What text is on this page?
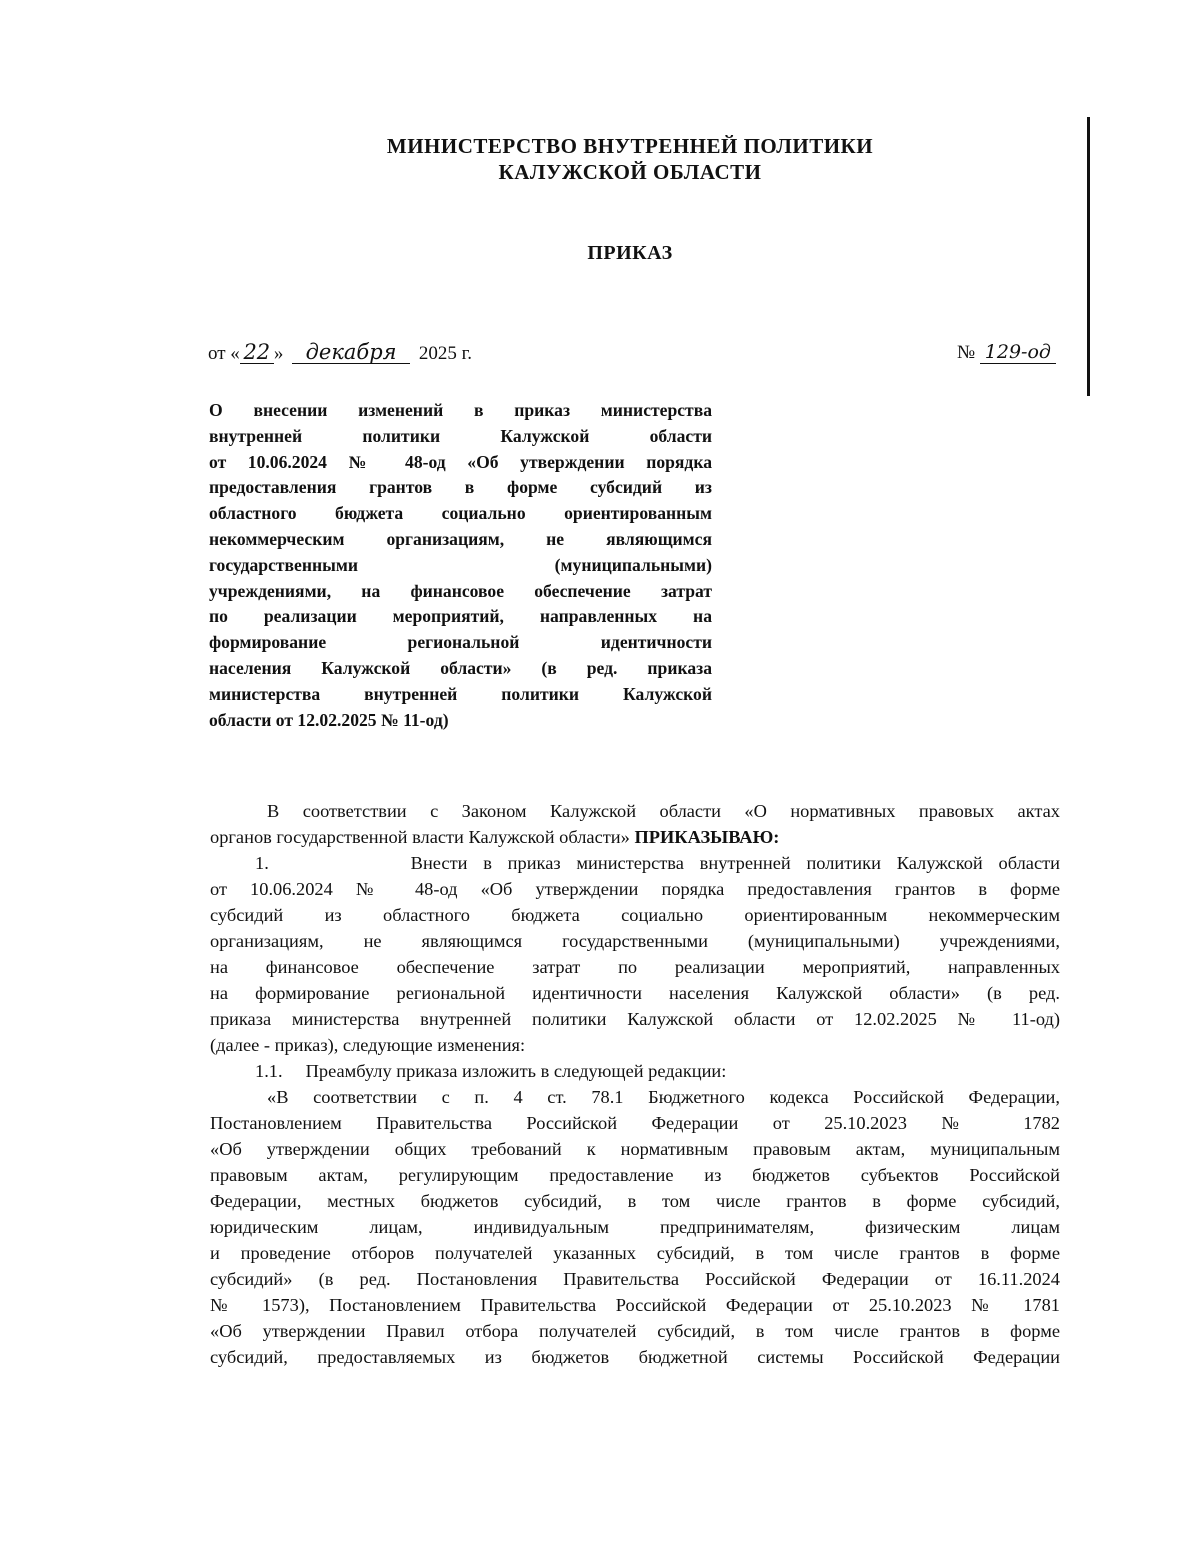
МИНИСТЕРСТВО ВНУТРЕННЕЙ ПОЛИТИКИ
КАЛУЖСКОЙ ОБЛАСТИ
ПРИКАЗ
от « 22 » декабря 2025 г.	№ 129-од
О внесении изменений в приказ министерства
внутренней политики Калужской области
от 10.06.2024 № 48-од «Об утверждении порядка
предоставления грантов в форме субсидий из
областного бюджета социально ориентированным
некоммерческим организациям, не являющимся
государственными (муниципальными)
учреждениями, на финансовое обеспечение затрат
по реализации мероприятий, направленных на
формирование региональной идентичности
населения Калужской области» (в ред. приказа
министерства внутренней политики Калужской
области от 12.02.2025 № 11-од)
В соответствии с Законом Калужской области «О нормативных правовых актах
органов государственной власти Калужской области» ПРИКАЗЫВАЮ:
1.	Внести в приказ министерства внутренней политики Калужской области
от 10.06.2024 № 48-од «Об утверждении порядка предоставления грантов в форме
субсидий из областного бюджета социально ориентированным некоммерческим
организациям, не являющимся государственными (муниципальными) учреждениями,
на финансовое обеспечение затрат по реализации мероприятий, направленных
на формирование региональной идентичности населения Калужской области» (в ред.
приказа министерства внутренней политики Калужской области от 12.02.2025 № 11-од)
(далее - приказ), следующие изменения:
1.1. Преамбулу приказа изложить в следующей редакции:
«В соответствии с п. 4 ст. 78.1 Бюджетного кодекса Российской Федерации,
Постановлением Правительства Российской Федерации от 25.10.2023 № 1782
«Об утверждении общих требований к нормативным правовым актам, муниципальным
правовым актам, регулирующим предоставление из бюджетов субъектов Российской
Федерации, местных бюджетов субсидий, в том числе грантов в форме субсидий,
юридическим лицам, индивидуальным предпринимателям, физическим лицам
и проведение отборов получателей указанных субсидий, в том числе грантов в форме
субсидий» (в ред. Постановления Правительства Российской Федерации от 16.11.2024
№ 1573), Постановлением Правительства Российской Федерации от 25.10.2023 № 1781
«Об утверждении Правил отбора получателей субсидий, в том числе грантов в форме
субсидий, предоставляемых из бюджетов бюджетной системы Российской Федерации
